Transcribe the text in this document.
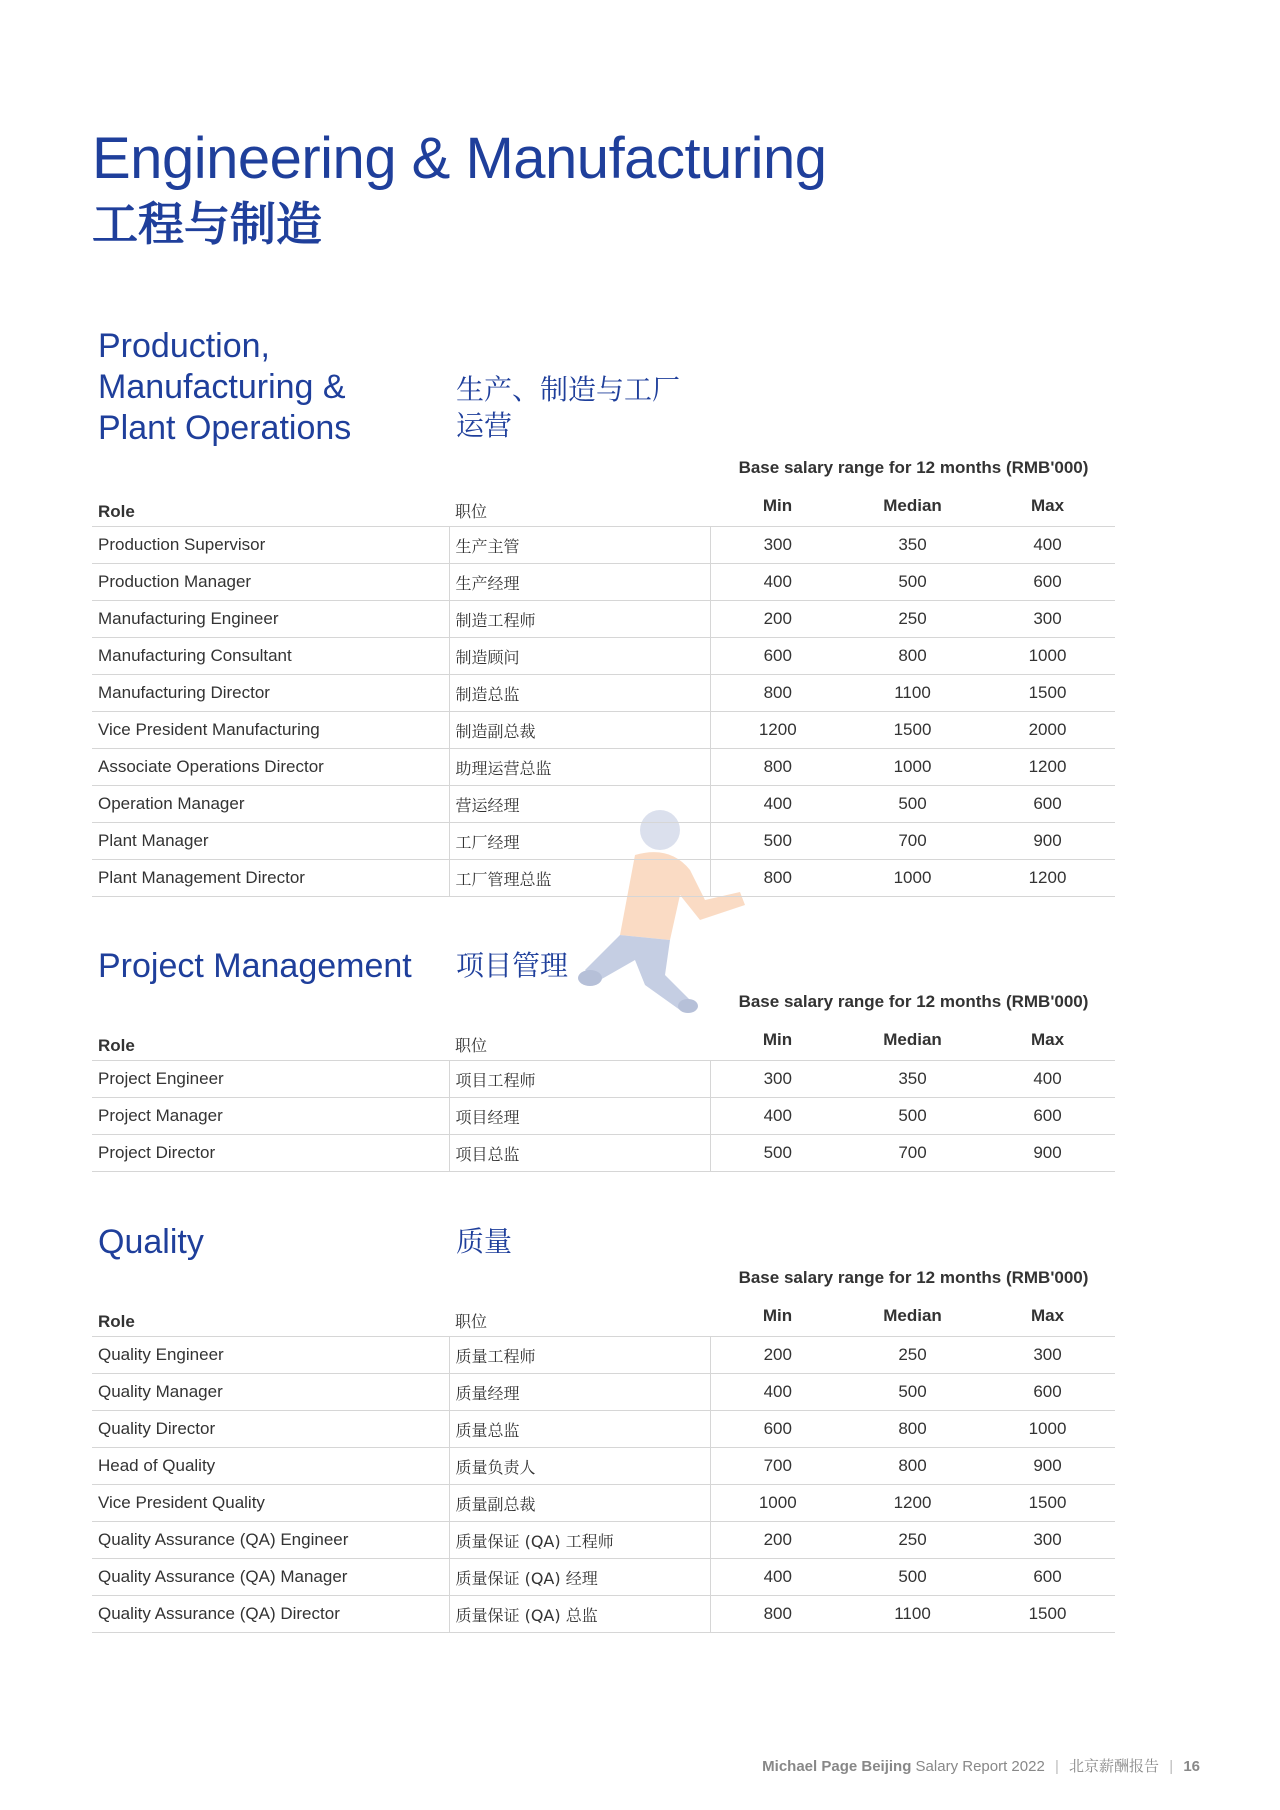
Engineering & Manufacturing
工程与制造
Production,
Manufacturing &
Plant Operations
生产、制造与工厂
运营
Base salary range for 12 months (RMB'000)
Role	职位	Min	Median	Max
Production Supervisor	生产主管	300	350	400
Production Manager	生产经理	400	500	600
Manufacturing Engineer	制造工程师	200	250	300
Manufacturing Consultant	制造顾问	600	800	1000
Manufacturing Director	制造总监	800	1100	1500
Vice President Manufacturing	制造副总裁	1200	1500	2000
Associate Operations Director	助理运营总监	800	1000	1200
Operation Manager	营运经理	400	500	600
Plant Manager	工厂经理	500	700	900
Plant Management Director	工厂管理总监	800	1000	1200
Project Management 项目管理
Base salary range for 12 months (RMB'000)
Role	职位	Min	Median	Max
Project Engineer	项目工程师	300	350	400
Project Manager	项目经理	400	500	600
Project Director	项目总监	500	700	900
Quality	质量
Base salary range for 12 months (RMB'000)
Role	职位	Min	Median	Max
Quality Engineer	质量工程师	200	250	300
Quality Manager	质量经理	400	500	600
Quality Director	质量总监	600	800	1000
Head of Quality	质量负责人	700	800	900
Vice President Quality	质量副总裁	1000	1200	1500
Quality Assurance (QA) Engineer	质量保证 (QA) 工程师	200	250	300
Quality Assurance (QA) Manager	质量保证 (QA) 经理	400	500	600
Quality Assurance (QA) Director	质量保证 (QA) 总监	800	1100	1500
Michael Page Beijing Salary Report 2022 | 北京薪酬报告 | 16
